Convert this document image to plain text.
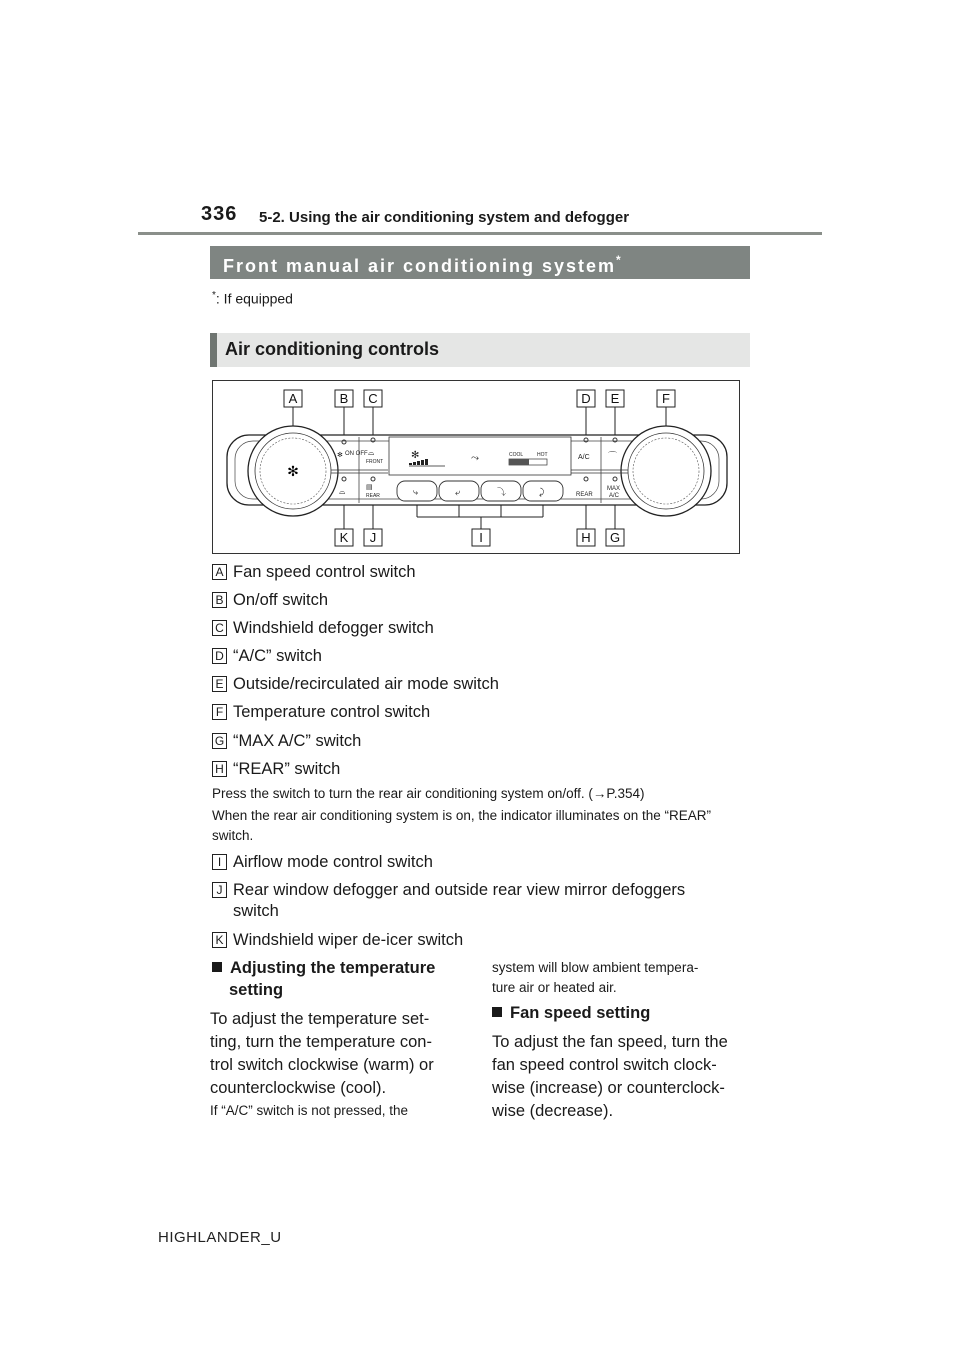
336 5-2. Using the air conditioning system and defogger
Front manual air conditioning system*
*: If equipped
Air conditioning controls
✻
✻ ON OFF ⌓
FRONT
⌓	▤
REAR
✻	⤳	COOL	HOT
⤷	⤶	⤵	⤸
A/C ⌒
REAR
MAX
A/C
A	B C	D E	F
K J	I	H G
A Fan speed control switch
B On/off switch
C Windshield defogger switch
D “A/C” switch
E Outside/recirculated air mode switch
F Temperature control switch
G “MAX A/C” switch
H “REAR” switch
Press the switch to turn the rear air conditioning system on/off. (→P.354)
When the rear air conditioning system is on, the indicator illuminates on the “REAR” switch.
I Airflow mode control switch
J Rear window defogger and outside rear view mirror defoggers
switch
K Windshield wiper de-icer switch
Adjusting the temperature
setting
To adjust the temperature set-
ting, turn the temperature con-
trol switch clockwise (warm) or
counterclockwise (cool).
If “A/C” switch is not pressed, the
system will blow ambient tempera-
ture air or heated air.
Fan speed setting
To adjust the fan speed, turn the
fan speed control switch clock-
wise (increase) or counterclock-
wise (decrease).
HIGHLANDER_U
